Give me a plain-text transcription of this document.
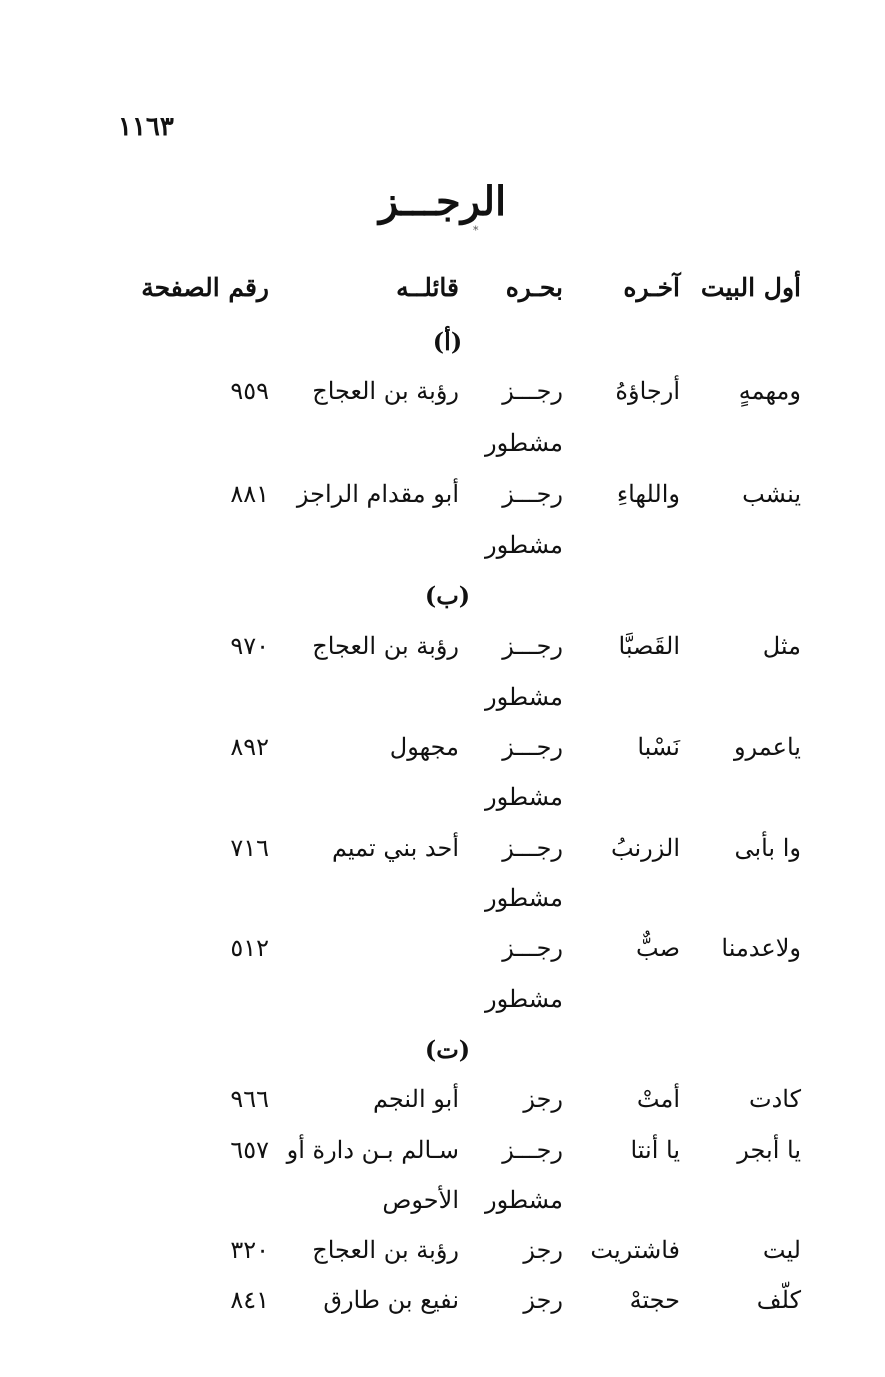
١١٦٣
الرجـــز
*
أول البيت
آخـره
بحـره
قائلــه
رقم الصفحة
(أ)
ومهمهٍ
أرجاؤهُ
رجـــز
رؤبة بن العجاج
٩٥٩
مشطور
ينشب
واللهاءِ
رجـــز
أبو مقدام الراجز
٨٨١
مشطور
(ب)
مثل
القَصبَّا
رجـــز
رؤبة بن العجاج
٩٧٠
مشطور
ياعمرو
نَسْبا
رجـــز
مجهول
٨٩٢
مشطور
وا بأبى
الزرنبُ
رجـــز
أحد بني تميم
٧١٦
مشطور
ولاعدمنا
صبٌّ
رجـــز
٥١٢
مشطور
(ت)
كادت
أمتْ
رجز
أبو النجم
٩٦٦
يا أبجر
يا أنتا
رجـــز
سـالم بـن دارة أو
٦٥٧
مشطور
الأحوص
ليت
فاشتريت
رجز
رؤبة بن العجاج
٣٢٠
كلّف
حجتهْ
رجز
نفيع بن طارق
٨٤١
